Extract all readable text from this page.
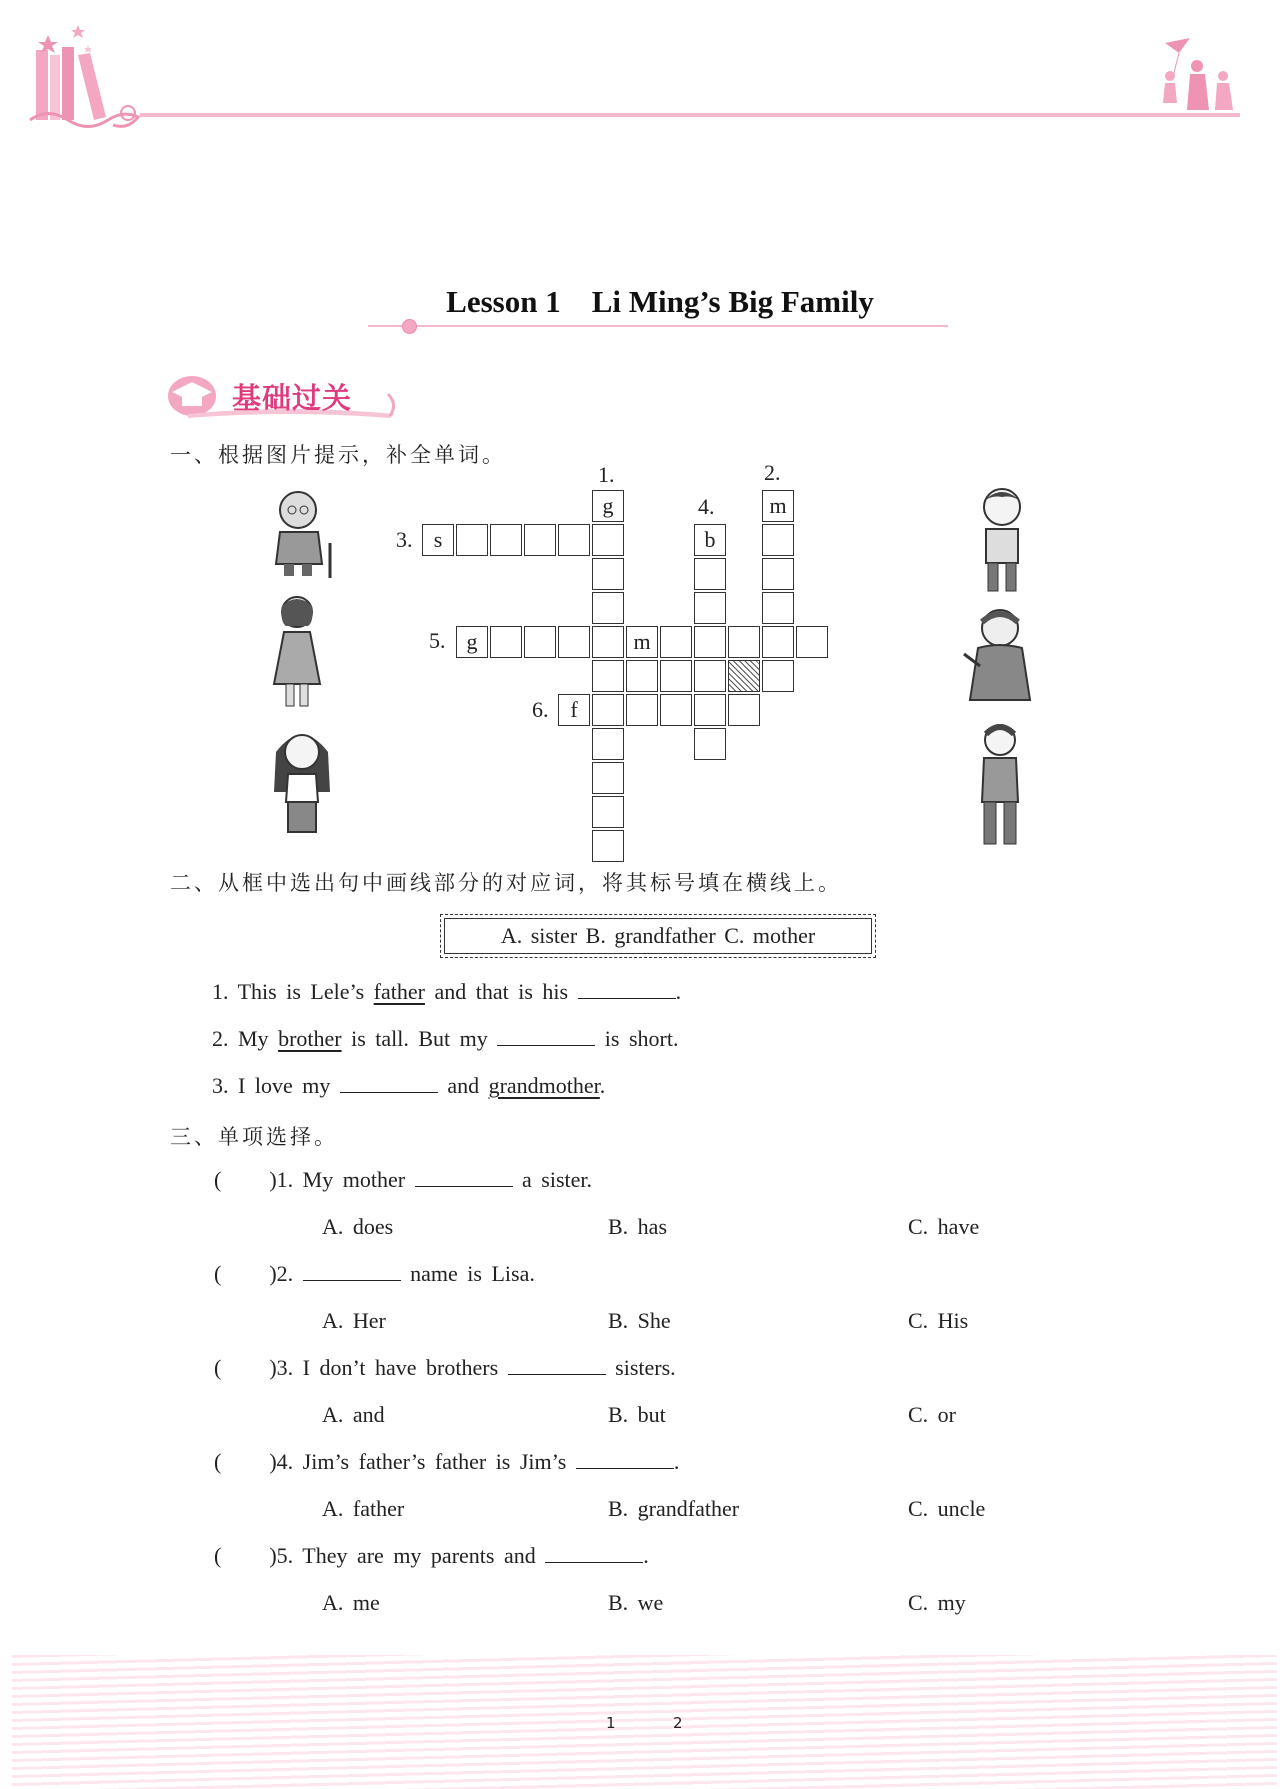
Lesson 1    Li Ming’s Big Family
基础过关
一、根据图片提示，补全单词。
g	m
s	b
g	m
f
1.	2.
3.
4.
5.
6.
二、从框中选出句中画线部分的对应词，将其标号填在横线上。
A. sister B. grandfather C. mother
1. This is Lele’s father and that is his	.
2. My brother is tall. But my	is short.
3. I love my	and grandmother.
三、单项选择。
( )1. My mother	a sister.
A. does	B. has	C. have
( )2.	name is Lisa.
A. Her	B. She	C. His
( )3. I don’t have brothers	sisters.
A. and	B. but	C. or
( )4. Jim’s father’s father is Jim’s	.
A. father	B. grandfather	C. uncle
( )5. They are my parents and	.
A. me	B. we	C. my
1	2
